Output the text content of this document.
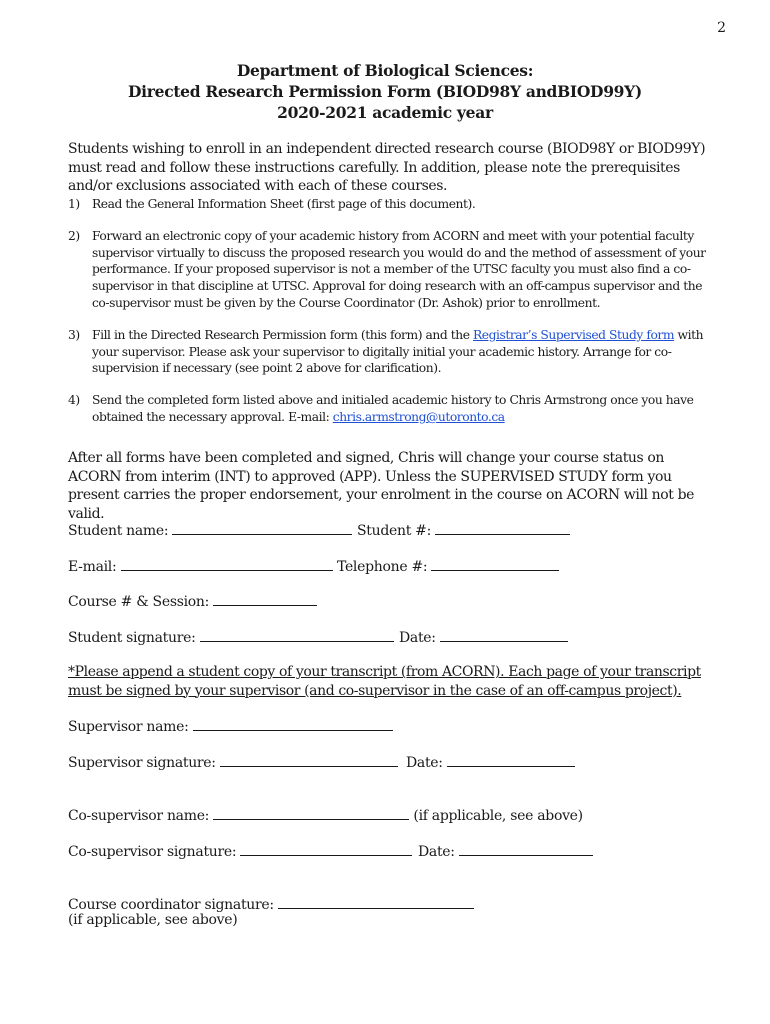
2
Department of Biological Sciences:
Directed Research Permission Form (BIOD98Y andBIOD99Y)
2020-2021 academic year
Students wishing to enroll in an independent directed research course (BIOD98Y or BIOD99Y) must read and follow these instructions carefully. In addition, please note the prerequisites and/or exclusions associated with each of these courses.
1) Read the General Information Sheet (first page of this document).
2) Forward an electronic copy of your academic history from ACORN and meet with your potential faculty supervisor virtually to discuss the proposed research you would do and the method of assessment of your performance. If your proposed supervisor is not a member of the UTSC faculty you must also find a co-supervisor in that discipline at UTSC. Approval for doing research with an off-campus supervisor and the co-supervisor must be given by the Course Coordinator (Dr. Ashok) prior to enrollment.
3) Fill in the Directed Research Permission form (this form) and the Registrar’s Supervised Study form with your supervisor. Please ask your supervisor to digitally initial your academic history. Arrange for co-supervision if necessary (see point 2 above for clarification).
4) Send the completed form listed above and initialed academic history to Chris Armstrong once you have obtained the necessary approval. E-mail: chris.armstrong@utoronto.ca
After all forms have been completed and signed, Chris will change your course status on ACORN from interim (INT) to approved (APP). Unless the SUPERVISED STUDY form you present carries the proper endorsement, your enrolment in the course on ACORN will not be valid.
Student name:	Student #:
E-mail:	Telephone #:
Course # & Session:
Student signature:	Date:
*Please append a student copy of your transcript (from ACORN). Each page of your transcript must be signed by your supervisor (and co-supervisor in the case of an off-campus project).
Supervisor name:
Supervisor signature:	Date:
Co-supervisor name:	(if applicable, see above)
Co-supervisor signature:	Date:
Course coordinator signature:
(if applicable, see above)
